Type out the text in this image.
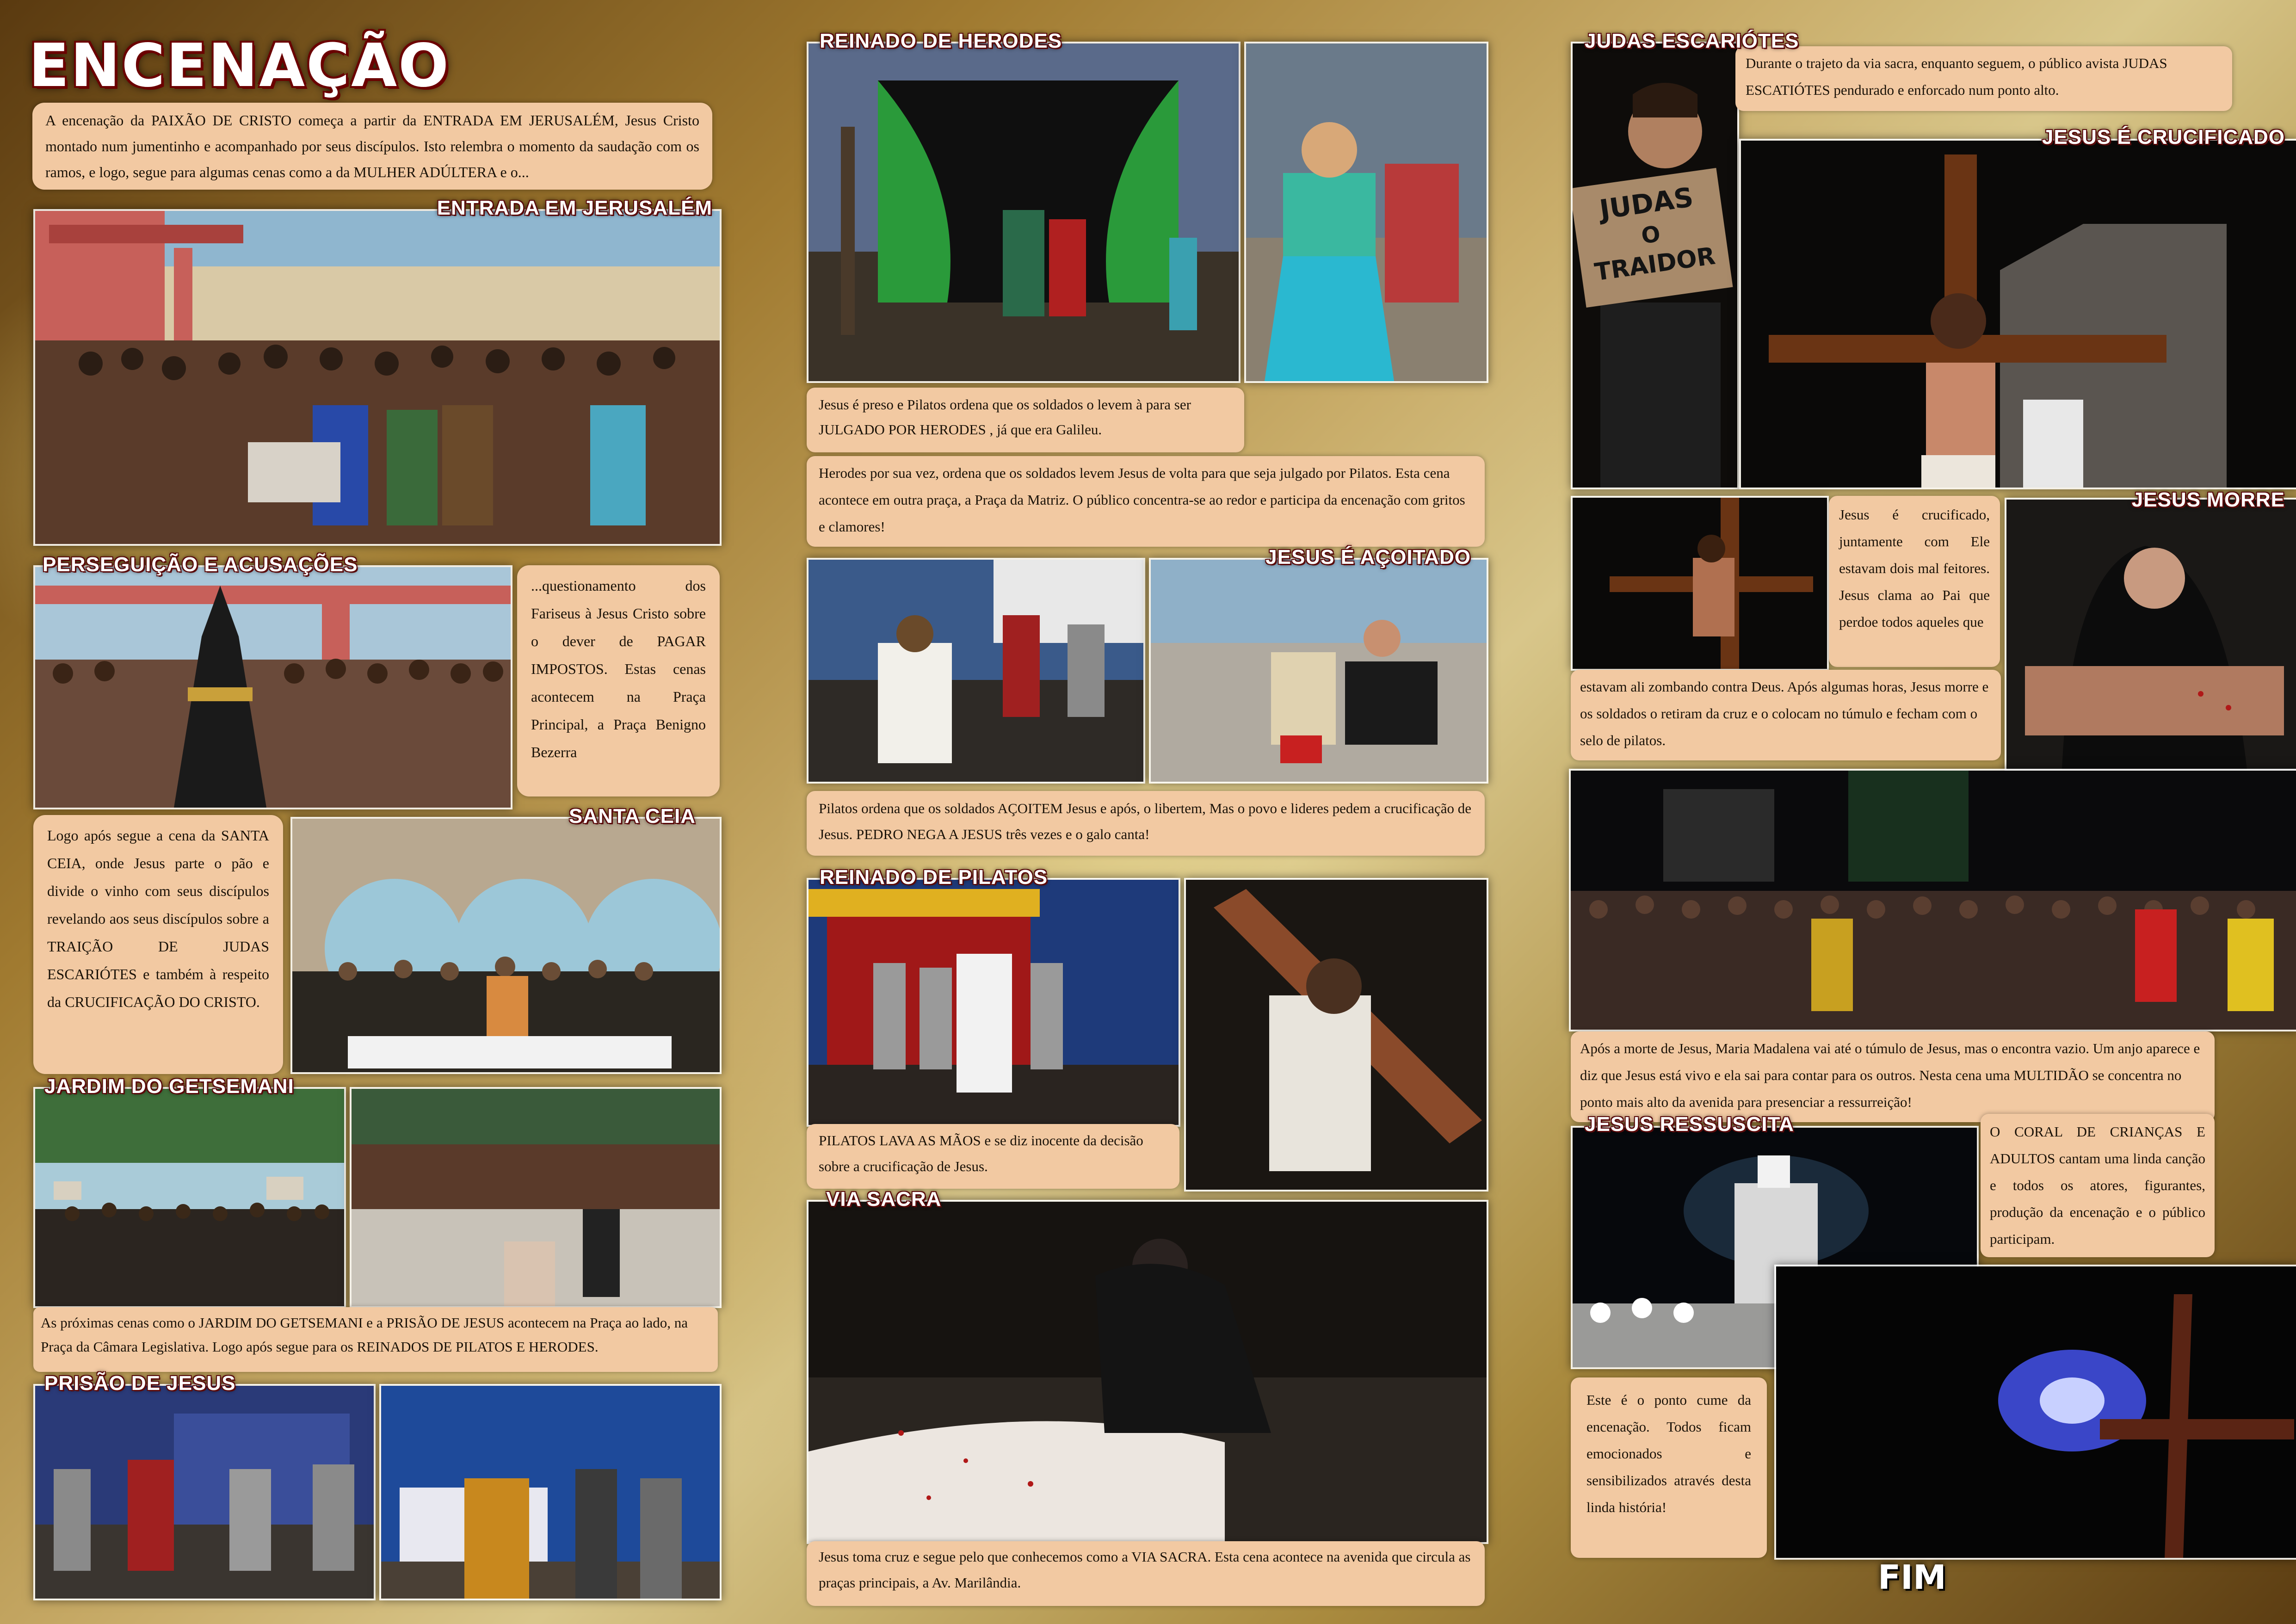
ENCENAÇÃO
A encenação da PAIXÃO DE CRISTO começa a partir da ENTRADA EM JERUSALÉM, Jesus Cristo montado num jumentinho e acompanhado por seus discípulos. Isto relembra o momento da saudação com os ramos, e logo, segue para algumas cenas como a da MULHER ADÚLTERA e o...
ENTRADA EM JERUSALÉM
PERSEGUIÇÃO E ACUSAÇÕES
...questionamento dos Fariseus à Jesus Cristo sobre o dever de PAGAR IMPOSTOS. Estas cenas acontecem na Praça Principal, a Praça Benigno Bezerra
Logo após segue a cena da SANTA CEIA, onde Jesus parte o pão e divide o vinho com seus discípulos revelando aos seus discípulos sobre a TRAIÇÃO DE JUDAS ESCARIÓTES e também à respeito da CRUCIFICAÇÃO DO CRISTO.
SANTA CEIA
JARDIM DO GETSEMANI
As próximas cenas como o JARDIM DO GETSEMANI e a PRISÃO DE JESUS acontecem na Praça ao lado, na Praça da Câmara Legislativa. Logo após segue para os REINADOS DE PILATOS E HERODES.
PRISÃO DE JESUS
REINADO DE HERODES
Jesus é preso e Pilatos ordena que os soldados o levem à para ser JULGADO POR HERODES , já que era Galileu.
Herodes por sua vez, ordena que os soldados levem Jesus de volta para que seja julgado por Pilatos. Esta cena acontece em outra praça, a Praça da Matriz. O público concentra-se ao redor e participa da encenação com gritos e clamores!
JESUS É AÇOITADO
Pilatos ordena que os soldados AÇOITEM Jesus e após, o libertem, Mas o povo e lideres pedem a crucificação de Jesus. PEDRO NEGA A JESUS três vezes e o galo canta!
REINADO DE PILATOS
PILATOS LAVA AS MÃOS e se diz inocente da decisão sobre a crucificação de Jesus.
VIA SACRA
Jesus toma cruz e segue pelo que conhecemos como a VIA SACRA. Esta cena acontece na avenida que circula as praças principais, a Av. Marilândia.
JUDAS
O
TRAIDOR
JUDAS ESCARIÓTES
Durante o trajeto da via sacra, enquanto seguem, o público avista JUDAS ESCATIÓTES pendurado e enforcado num ponto alto.
JESUS É CRUCIFICADO
Jesus é crucificado, juntamente com Ele estavam dois mal feitores. Jesus clama ao Pai que perdoe todos aqueles que
JESUS MORRE
estavam ali zombando contra Deus. Após algumas horas, Jesus morre e os soldados o retiram da cruz e o colocam no túmulo e fecham com o selo de pilatos.
Após a morte de Jesus, Maria Madalena vai até o túmulo de Jesus, mas o encontra vazio. Um anjo aparece e diz que Jesus está vivo e ela sai para contar para os outros. Nesta cena uma MULTIDÃO se concentra no ponto mais alto da avenida para presenciar a ressurreição!
JESUS RESSUSCITA	O CORAL DE CRIANÇAS E ADULTOS cantam uma linda canção e todos os atores, figurantes, produção da encenação e o público participam.
Este é o ponto cume da encenação. Todos ficam emocionados e sensibilizados através desta linda história!
FIM
